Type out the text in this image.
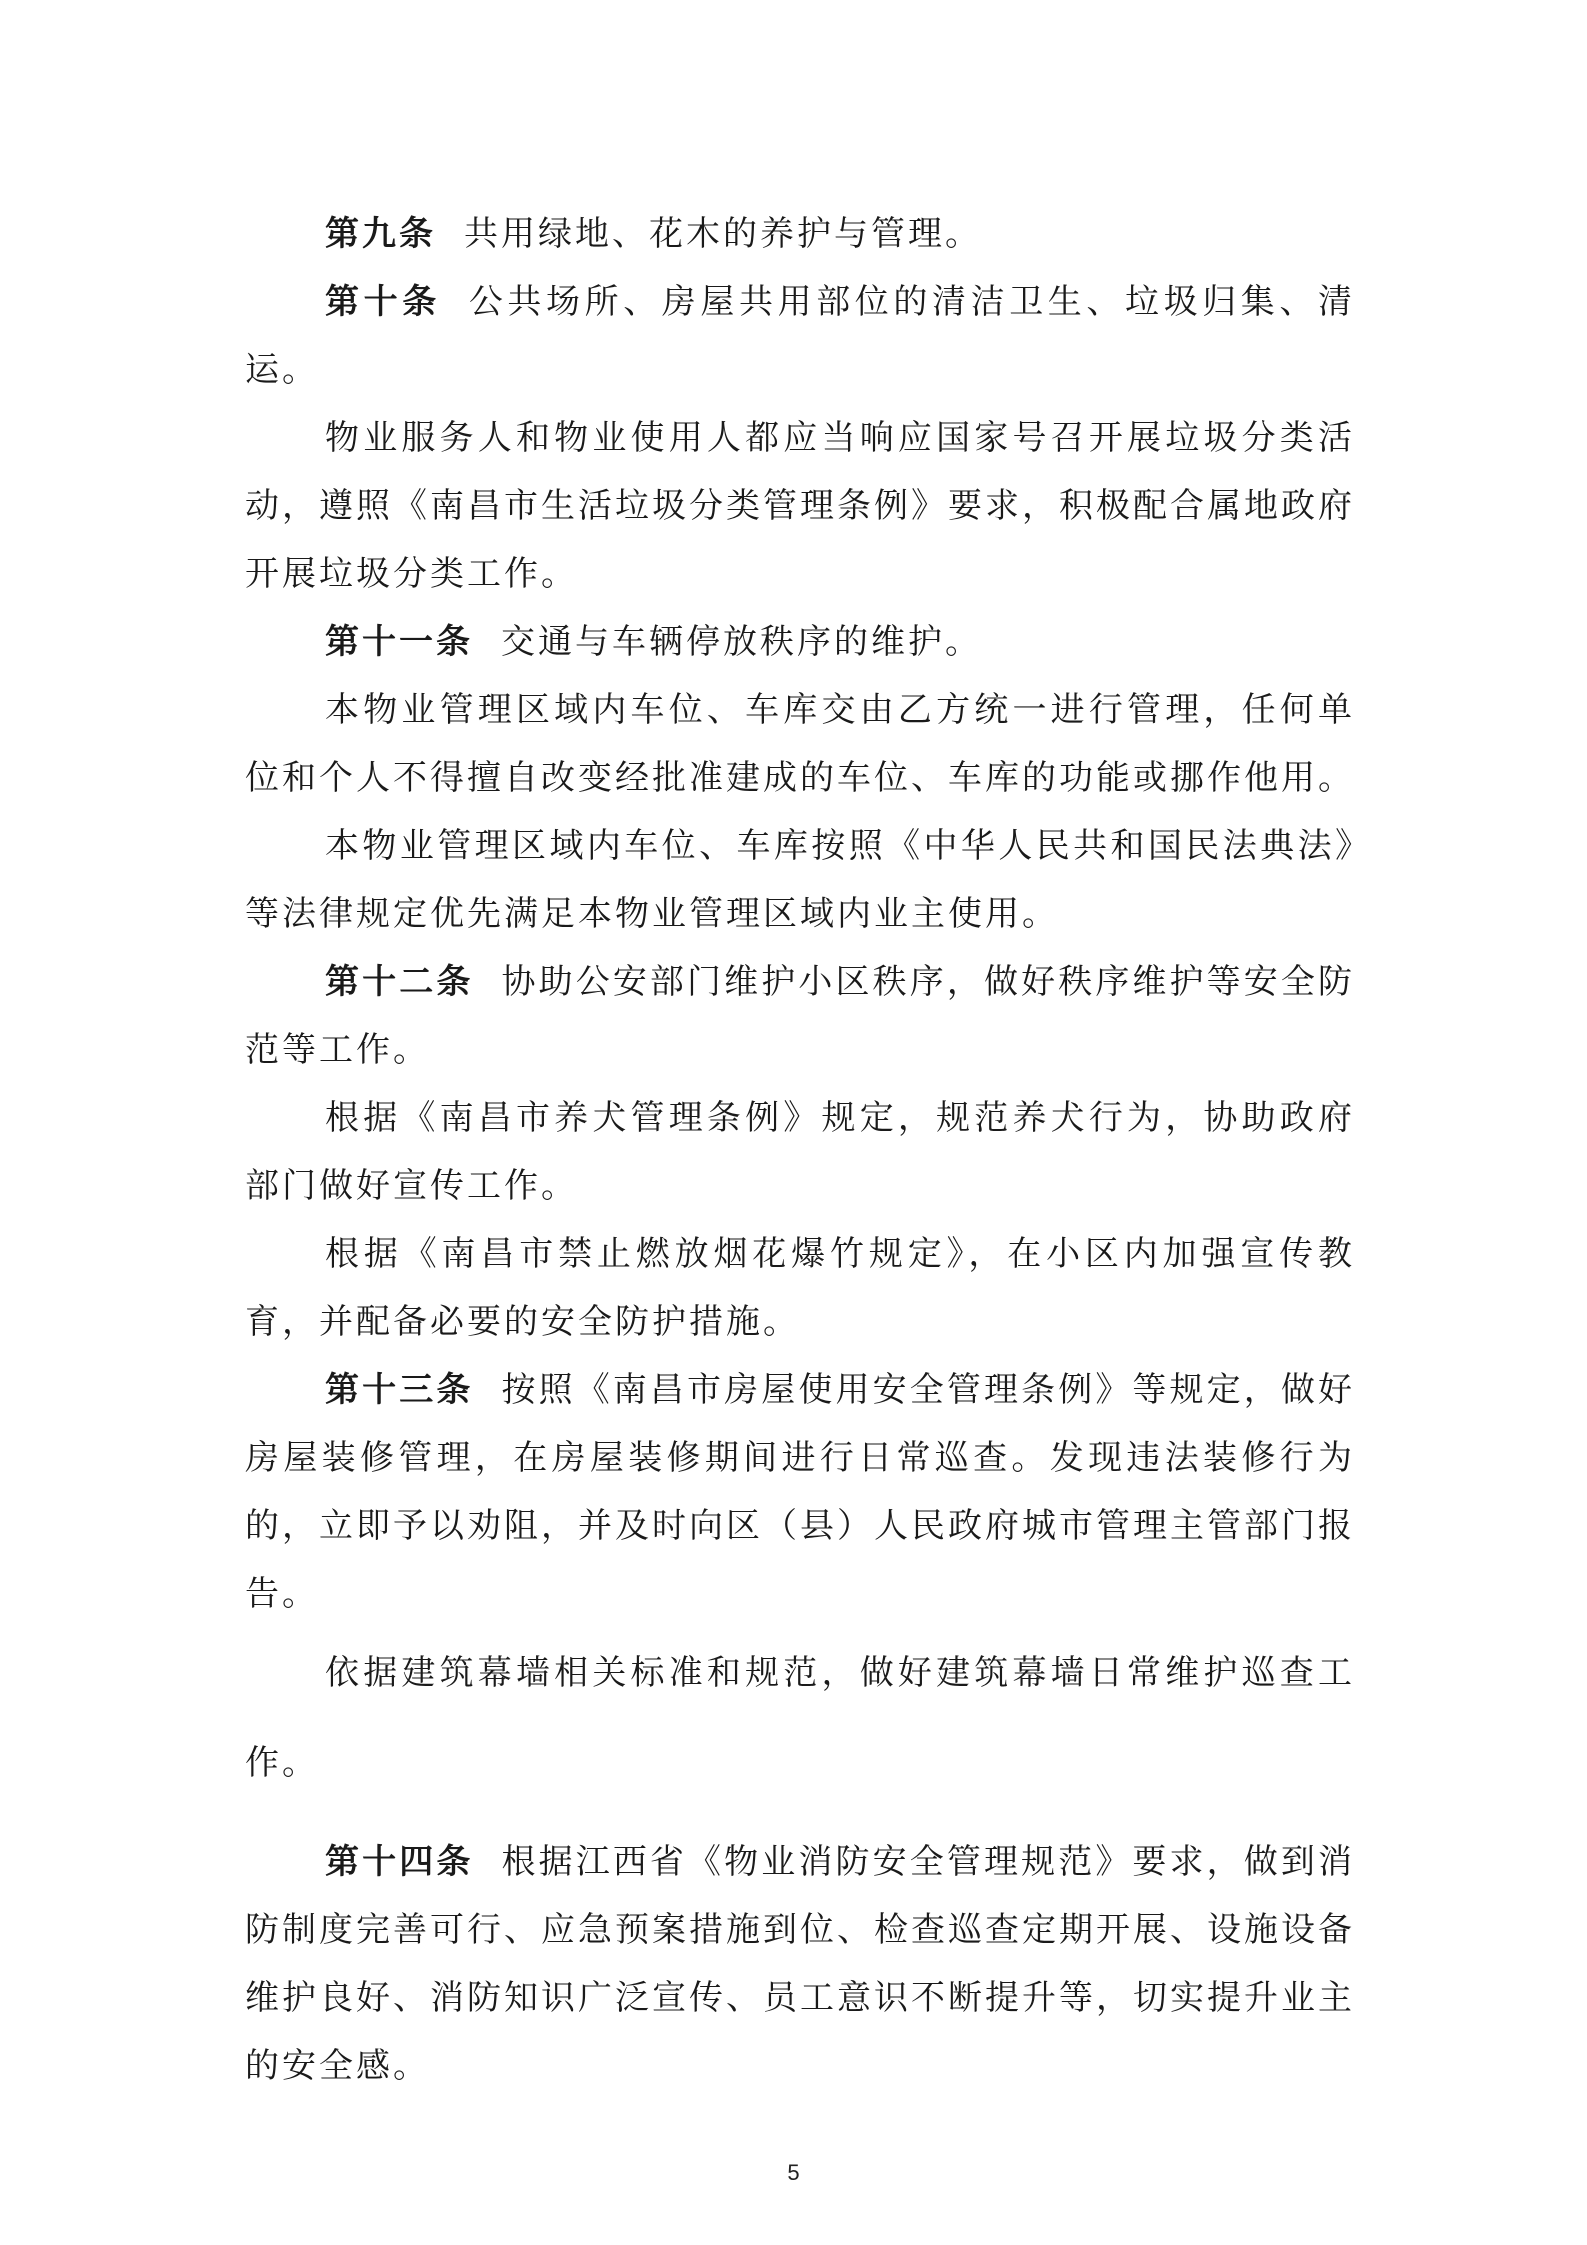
第九条 共用绿地、花木的养护与管理。

第十条 公共场所、房屋共用部位的清洁卫生、垃圾归集、清运。

物业服务人和物业使用人都应当响应国家号召开展垃圾分类活动，遵照《南昌市生活垃圾分类管理条例》要求，积极配合属地政府开展垃圾分类工作。

第十一条 交通与车辆停放秩序的维护。

本物业管理区域内车位、车库交由乙方统一进行管理，任何单位和个人不得擅自改变经批准建成的车位、车库的功能或挪作他用。

本物业管理区域内车位、车库按照《中华人民共和国民法典法》等法律规定优先满足本物业管理区域内业主使用。

第十二条 协助公安部门维护小区秩序，做好秩序维护等安全防范等工作。

根据《南昌市养犬管理条例》规定，规范养犬行为，协助政府部门做好宣传工作。

根据《南昌市禁止燃放烟花爆竹规定》，在小区内加强宣传教育，并配备必要的安全防护措施。

第十三条 按照《南昌市房屋使用安全管理条例》等规定，做好房屋装修管理，在房屋装修期间进行日常巡查。发现违法装修行为的，立即予以劝阻，并及时向区（县）人民政府城市管理主管部门报告。

依据建筑幕墙相关标准和规范，做好建筑幕墙日常维护巡查工作。

第十四条 根据江西省《物业消防安全管理规范》要求，做到消防制度完善可行、应急预案措施到位、检查巡查定期开展、设施设备维护良好、消防知识广泛宣传、员工意识不断提升等，切实提升业主的安全感。

5
